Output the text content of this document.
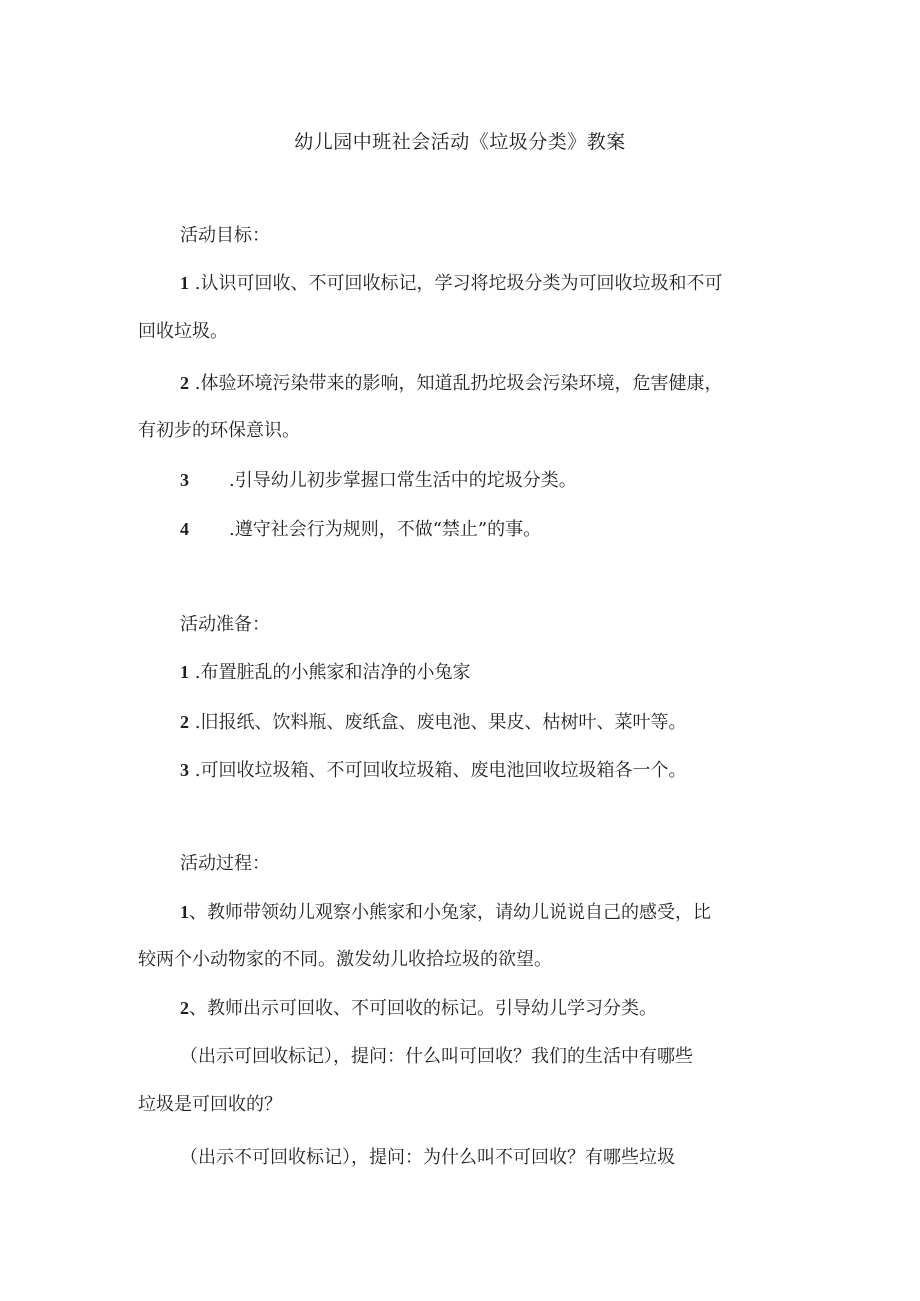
幼儿园中班社会活动《垃圾分类》教案
活动目标：
1 .认识可回收、不可回收标记，学习将坨圾分类为可回收垃圾和不可
回收垃圾。
2 .体验环境污染带来的影响，知道乱扔坨圾会污染环境，危害健康，
有初步的环保意识。
3 .引导幼儿初步掌握口常生活中的坨圾分类。
4 .遵守社会行为规则，不做“禁止”的事。
活动准备：
1 .布置脏乱的小熊家和洁净的小兔家
2 .旧报纸、饮料瓶、废纸盒、废电池、果皮、枯树叶、菜叶等。
3 .可回收垃圾箱、不可回收垃圾箱、废电池回收垃圾箱各一个。
活动过程：
1、教师带领幼儿观察小熊家和小兔家，请幼儿说说自己的感受，比
较两个小动物家的不同。激发幼儿收拾垃圾的欲望。
2、教师出示可回收、不可回收的标记。引导幼儿学习分类。
（出示可回收标记），提问：什么叫可回收？我们的生活中有哪些
垃圾是可回收的？
（出示不可回收标记），提问：为什么叫不可回收？有哪些垃圾
